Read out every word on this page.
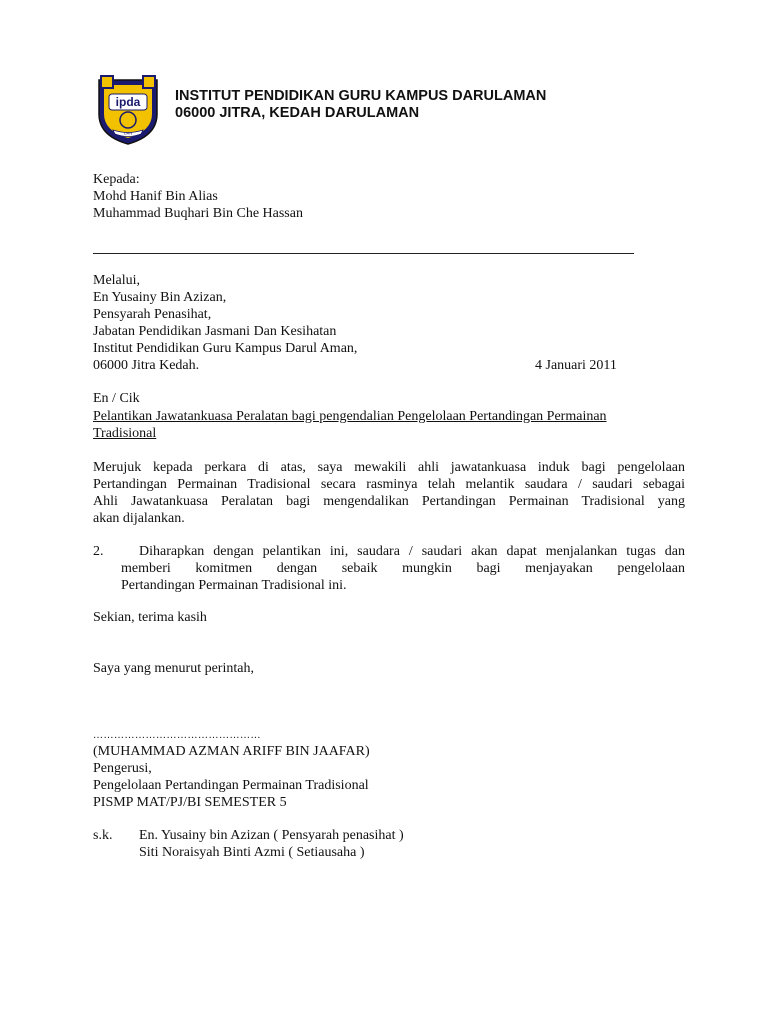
ipda
DAN
INSTITUT PENDIDIKAN GURU KAMPUS DARULAMAN
06000 JITRA, KEDAH DARULAMAN
Kepada:
Mohd Hanif Bin Alias
Muhammad Buqhari Bin Che Hassan
Melalui,
En Yusainy Bin Azizan,
Pensyarah Penasihat,
Jabatan Pendidikan Jasmani Dan Kesihatan
Institut Pendidikan Guru Kampus Darul Aman,
06000 Jitra Kedah.	4 Januari 2011
En / Cik
Pelantikan Jawatankuasa Peralatan bagi pengendalian Pengelolaan Pertandingan Permainan
Tradisional
Merujuk kepada perkara di atas, saya mewakili ahli jawatankuasa induk bagi pengelolaan
Pertandingan Permainan Tradisional secara rasminya telah melantik saudara / saudari sebagai
Ahli Jawatankuasa Peralatan bagi mengendalikan Pertandingan Permainan Tradisional yang
akan dijalankan.
2.	Diharapkan dengan pelantikan ini, saudara / saudari akan dapat menjalankan tugas dan
memberi komitmen dengan sebaik mungkin bagi menjayakan pengelolaan
Pertandingan Permainan Tradisional ini.
Sekian, terima kasih
Saya yang menurut perintah,
…………………………………………
(MUHAMMAD AZMAN ARIFF BIN JAAFAR)
Pengerusi,
Pengelolaan Pertandingan Permainan Tradisional
PISMP MAT/PJ/BI SEMESTER 5
s.k. En. Yusainy bin Azizan ( Pensyarah penasihat )
Siti Noraisyah Binti Azmi ( Setiausaha )
